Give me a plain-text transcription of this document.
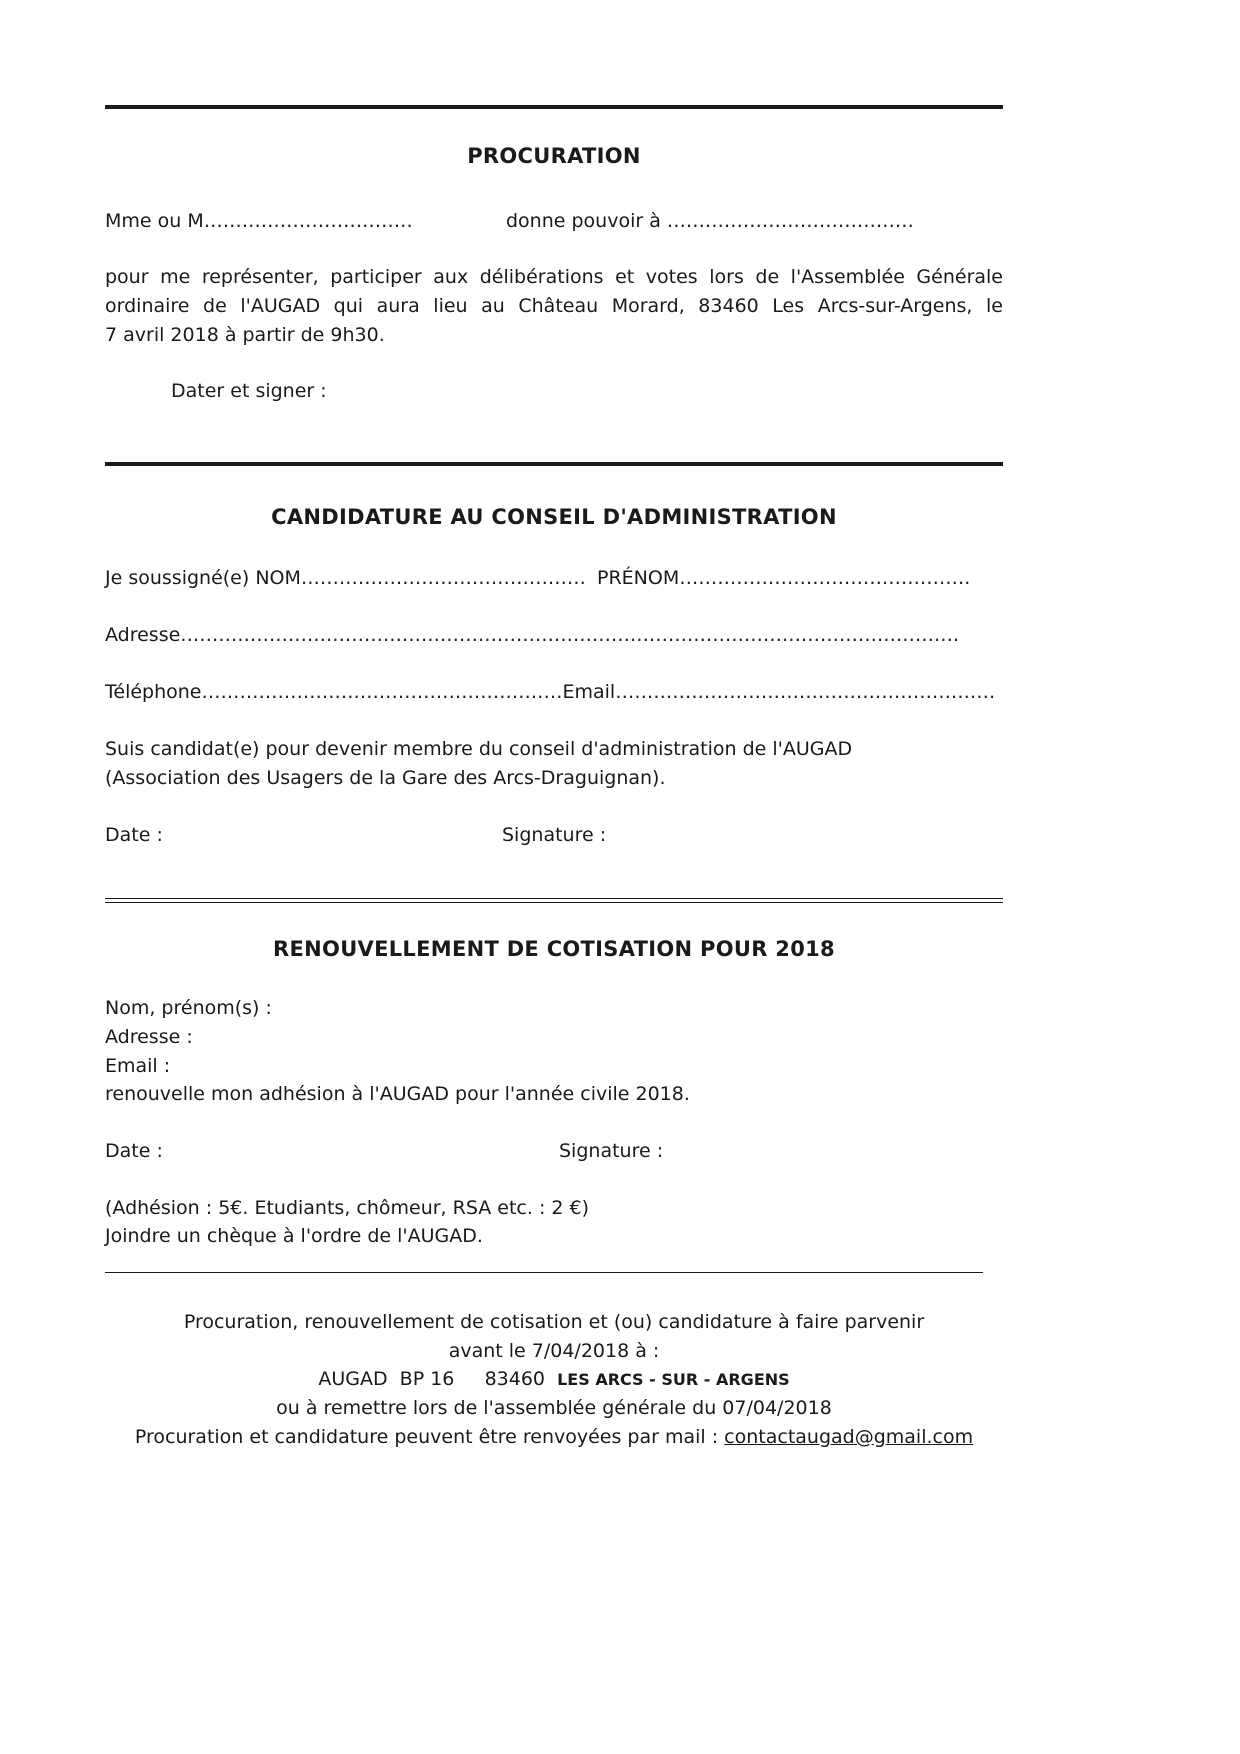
PROCURATION
Mme ou M……………………………	donne pouvoir à …………………………………
pour me représenter, participer aux délibérations et votes lors de l'Assemblée Générale
ordinaire de l'AUGAD qui aura lieu au Château Morard, 83460 Les Arcs-sur-Argens, le
7 avril 2018 à partir de 9h30.
Dater et signer :
CANDIDATURE AU CONSEIL D'ADMINISTRATION
Je soussigné(e) NOM……………………………………… PRÉNOM……………………………………….
Adresse……………………………………………………………………………………………………………
Téléphone…………………………………………………Email……………………………………………………
Suis candidat(e) pour devenir membre du conseil d'administration de l'AUGAD
(Association des Usagers de la Gare des Arcs-Draguignan).
Date :	Signature :
RENOUVELLEMENT DE COTISATION POUR 2018
Nom, prénom(s) :
Adresse :
Email :
renouvelle mon adhésion à l'AUGAD pour l'année civile 2018.
Date :	Signature :
(Adhésion : 5€. Etudiants, chômeur, RSA etc. : 2 €)
Joindre un chèque à l'ordre de l'AUGAD.
Procuration, renouvellement de cotisation et (ou) candidature à faire parvenir
avant le 7/04/2018 à :
AUGAD  BP 16     83460  LES ARCS - SUR - ARGENS
ou à remettre lors de l'assemblée générale du 07/04/2018
Procuration et candidature peuvent être renvoyées par mail : contactaugad@gmail.com
